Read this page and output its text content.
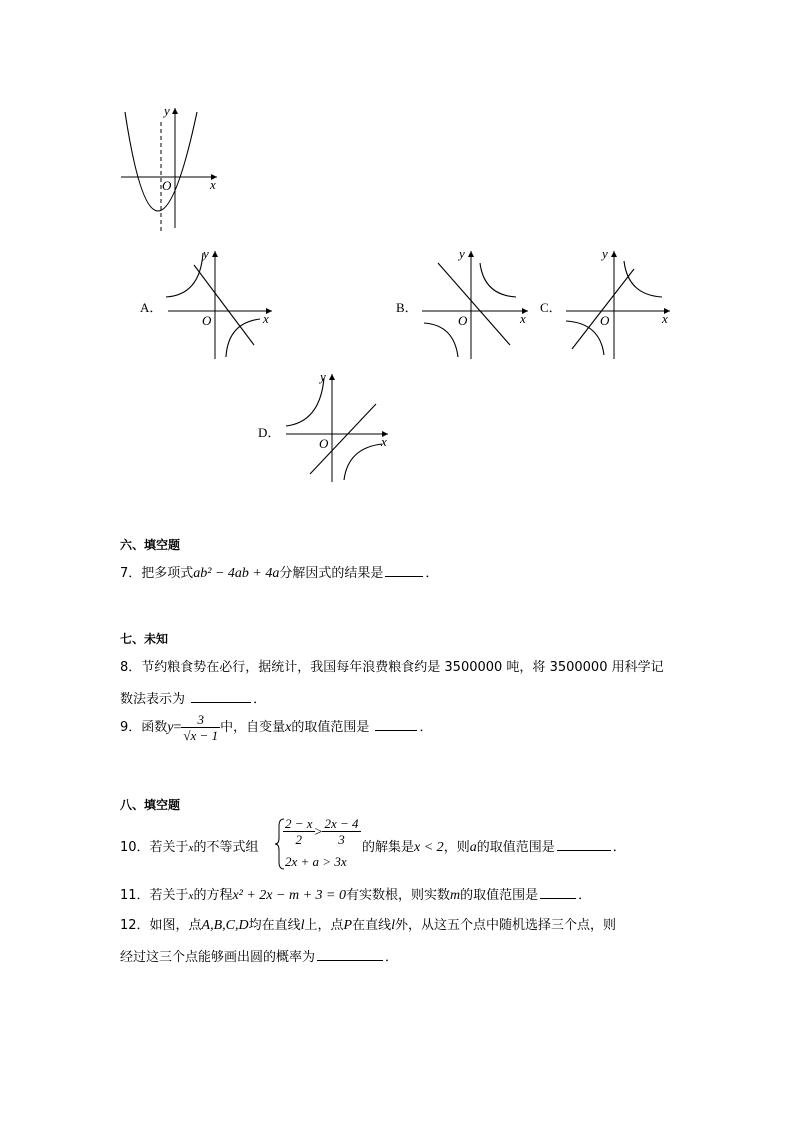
y
O	x
A．
y
O	x
B．
y
O	x
C．
y
O	x
D．
y
O	x
六、填空题
7．把多项式ab² − 4ab + 4a分解因式的结果是	．
七、未知
8．节约粮食势在必行，据统计，我国每年浪费粮食约是 3500000 吨，将 3500000 用科学记
数法表示为	．
9．函数$y= \frac{3}{√x - 1}$ 中，自变量x的取值范围是	．
八、填空题
10．若关于x的不等式组
$\frac{2 - x}{2} > \frac{2x - 4}{3}$
2x + a > 3x
的解集是x < 2，则a的取值范围是	．
11．若关于x的方程x² + 2x − m + 3 = 0有实数根，则实数m的取值范围是	．
12．如图，点A,B,C,D均在直线l上，点P在直线l外，从这五个点中随机选择三个点，则
经过这三个点能够画出圆的概率为	．
